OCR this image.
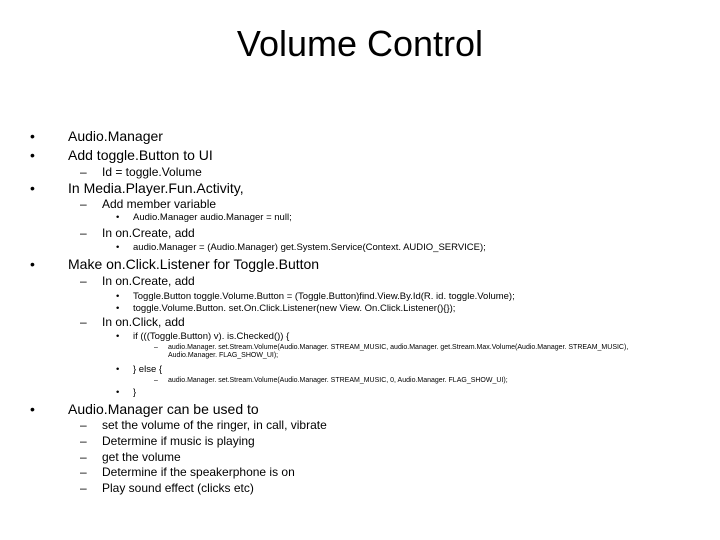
Volume Control
• Audio.Manager
• Add toggle.Button to UI
– Id = toggle.Volume
• In Media.Player.Fun.Activity,
– Add member variable
• Audio.Manager audio.Manager = null;
– In on.Create, add
• audio.Manager = (Audio.Manager) get.System.Service(Context. AUDIO_SERVICE);
• Make on.Click.Listener for Toggle.Button
– In on.Create, add
• Toggle.Button toggle.Volume.Button = (Toggle.Button)find.View.By.Id(R. id. toggle.Volume);
• toggle.Volume.Button. set.On.Click.Listener(new View. On.Click.Listener(){});
– In on.Click, add
• if (((Toggle.Button) v). is.Checked()) {
– audio.Manager. set.Stream.Volume(Audio.Manager. STREAM_MUSIC, audio.Manager. get.Stream.Max.Volume(Audio.Manager. STREAM_MUSIC),
Audio.Manager. FLAG_SHOW_UI);
• } else {
– audio.Manager. set.Stream.Volume(Audio.Manager. STREAM_MUSIC, 0, Audio.Manager. FLAG_SHOW_UI);
• }
• Audio.Manager can be used to
– set the volume of the ringer, in call, vibrate
– Determine if music is playing
– get the volume
– Determine if the speakerphone is on
– Play sound effect (clicks etc)
